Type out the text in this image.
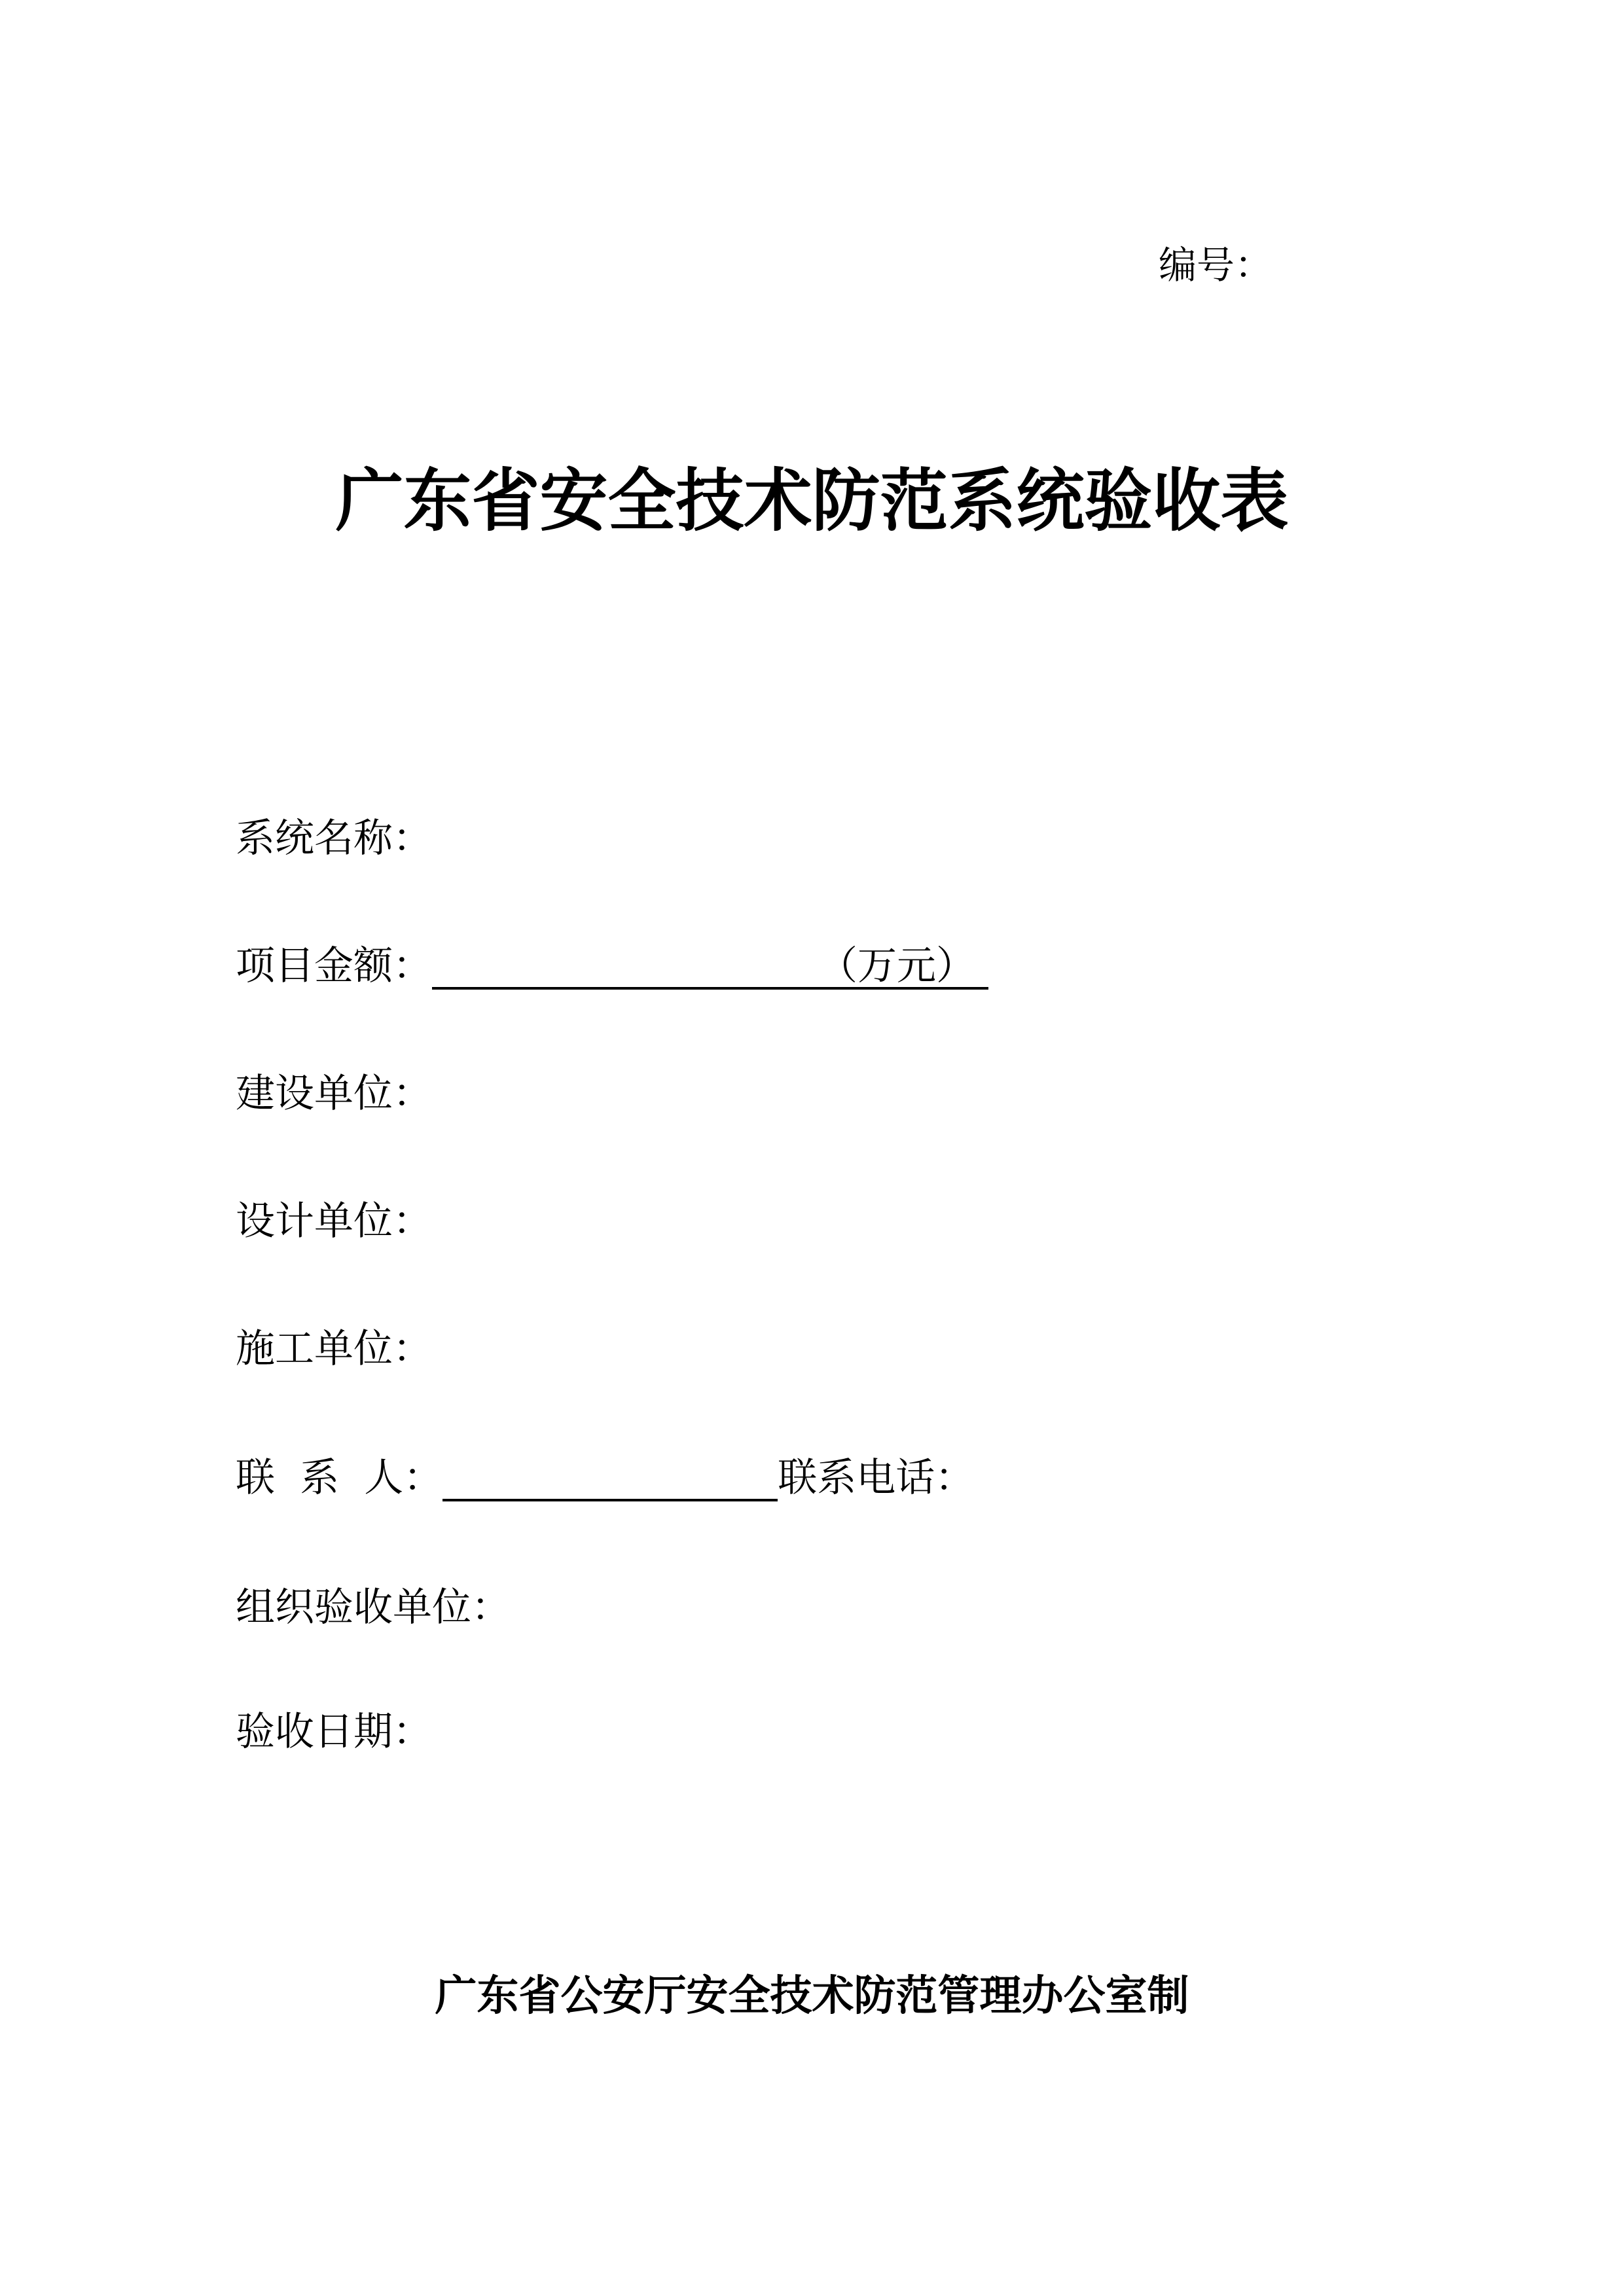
编号：
广东省安全技术防范系统验收表
系统名称：
项目金额：	（万元）
建设单位：
设计单位：
施工单位：
联  系  人：	联系电话：
组织验收单位：
验收日期：
广东省公安厅安全技术防范管理办公室制
